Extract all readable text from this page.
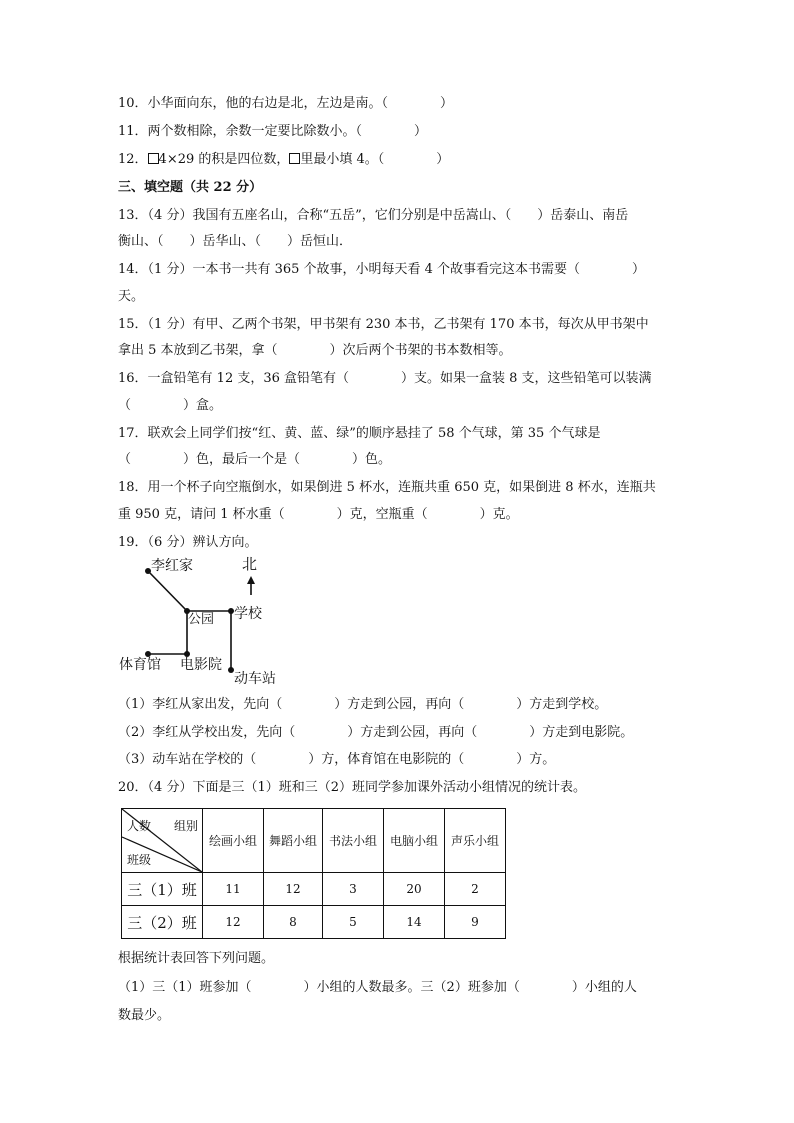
10．小华面向东，他的右边是北，左边是南。（　　　　）
11．两个数相除，余数一定要比除数小。（　　　　）
12． 4×29 的积是四位数， 里最小填 4。（　　　　）
三、填空题（共 22 分）
13．（4 分）我国有五座名山，合称“五岳”，它们分别是中岳嵩山、（　　）岳泰山、南岳
衡山、（　　）岳华山、（　　）岳恒山．
14．（1 分）一本书一共有 365 个故事，小明每天看 4 个故事看完这本书需要（　　　　）
天。
15．（1 分）有甲、乙两个书架，甲书架有 230 本书，乙书架有 170 本书，每次从甲书架中
拿出 5 本放到乙书架，拿（　　　　）次后两个书架的书本数相等。
16．一盒铅笔有 12 支，36 盒铅笔有（　　　　）支。如果一盒装 8 支，这些铅笔可以装满
（　　　　）盒。
17．联欢会上同学们按“红、黄、蓝、绿”的顺序悬挂了 58 个气球，第 35 个气球是
（　　　　）色，最后一个是（　　　　）色。
18．用一个杯子向空瓶倒水，如果倒进 5 杯水，连瓶共重 650 克，如果倒进 8 杯水，连瓶共
重 950 克，请问 1 杯水重（　　　　）克，空瓶重（　　　　）克。
19．（6 分）辨认方向。
北
李红家
公园 学校
体育馆 电影院
动车站
（1）李红从家出发，先向（　　　　）方走到公园，再向（　　　　）方走到学校。
（2）李红从学校出发，先向（　　　　）方走到公园，再向（　　　　）方走到电影院。
（3）动车站在学校的（　　　　）方，体育馆在电影院的（　　　　）方。
20．（4 分）下面是三（1）班和三（2）班同学参加课外活动小组情况的统计表。
人数 组别
班级	绘画小组	舞蹈小组	书法小组	电脑小组	声乐小组
三（1）班	11	12	3	20	2
三（2）班	12	8	5	14	9
根据统计表回答下列问题。
（1）三（1）班参加（　　　　）小组的人数最多。三（2）班参加（　　　　）小组的人
数最少。
